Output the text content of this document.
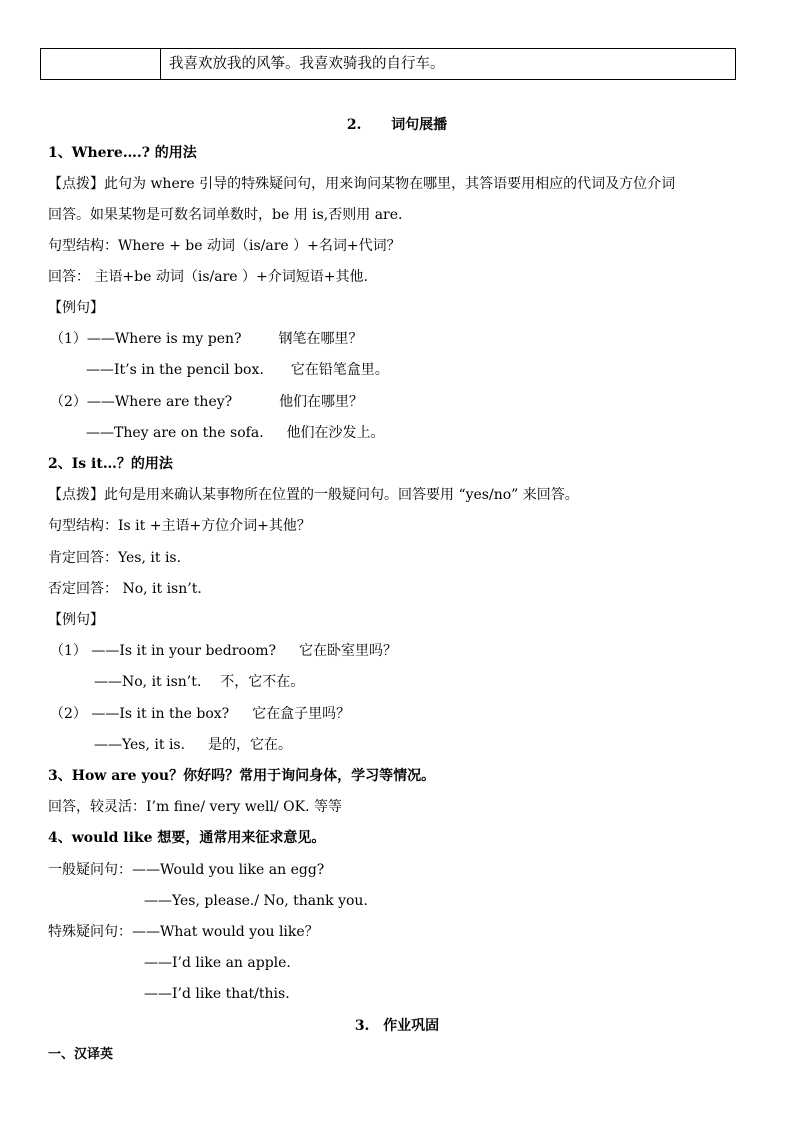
我喜欢放我的风筝。我喜欢骑我的自行车。
2. 词句展播
1、Where….? 的用法
【点拨】此句为 where 引导的特殊疑问句，用来询问某物在哪里，其答语要用相应的代词及方位介词
回答。如果某物是可数名词单数时，be 用 is,否则用 are.
句型结构：Where + be 动词（is/are ）+名词+代词？
回答： 主语+be 动词（is/are ）+介词短语+其他.
【例句】
（1）——Where is my pen?	钢笔在哪里？
——It’s in the pencil box. 它在铅笔盒里。
（2）——Where are they?	他们在哪里？
——They are on the sofa. 他们在沙发上。
2、Is it…？的用法
【点拨】此句是用来确认某事物所在位置的一般疑问句。回答要用 “yes/no” 来回答。
句型结构：Is it +主语+方位介词+其他？
肯定回答：Yes, it is.
否定回答： No, it isn’t.
【例句】
（1） ——Is it in your bedroom? 它在卧室里吗？
——No, it isn’t. 不，它不在。
（2） ——Is it in the box? 它在盒子里吗？
——Yes, it is. 是的，它在。
3、How are you？你好吗？常用于询问身体，学习等情况。
回答，较灵活：I’m fine/ very well/ OK. 等等
4、would like 想要，通常用来征求意见。
一般疑问句：——Would you like an egg?
——Yes, please./ No, thank you.
特殊疑问句：——What would you like？
——I’d like an apple.
——I’d like that/this.
3. 作业巩固
一、汉译英
